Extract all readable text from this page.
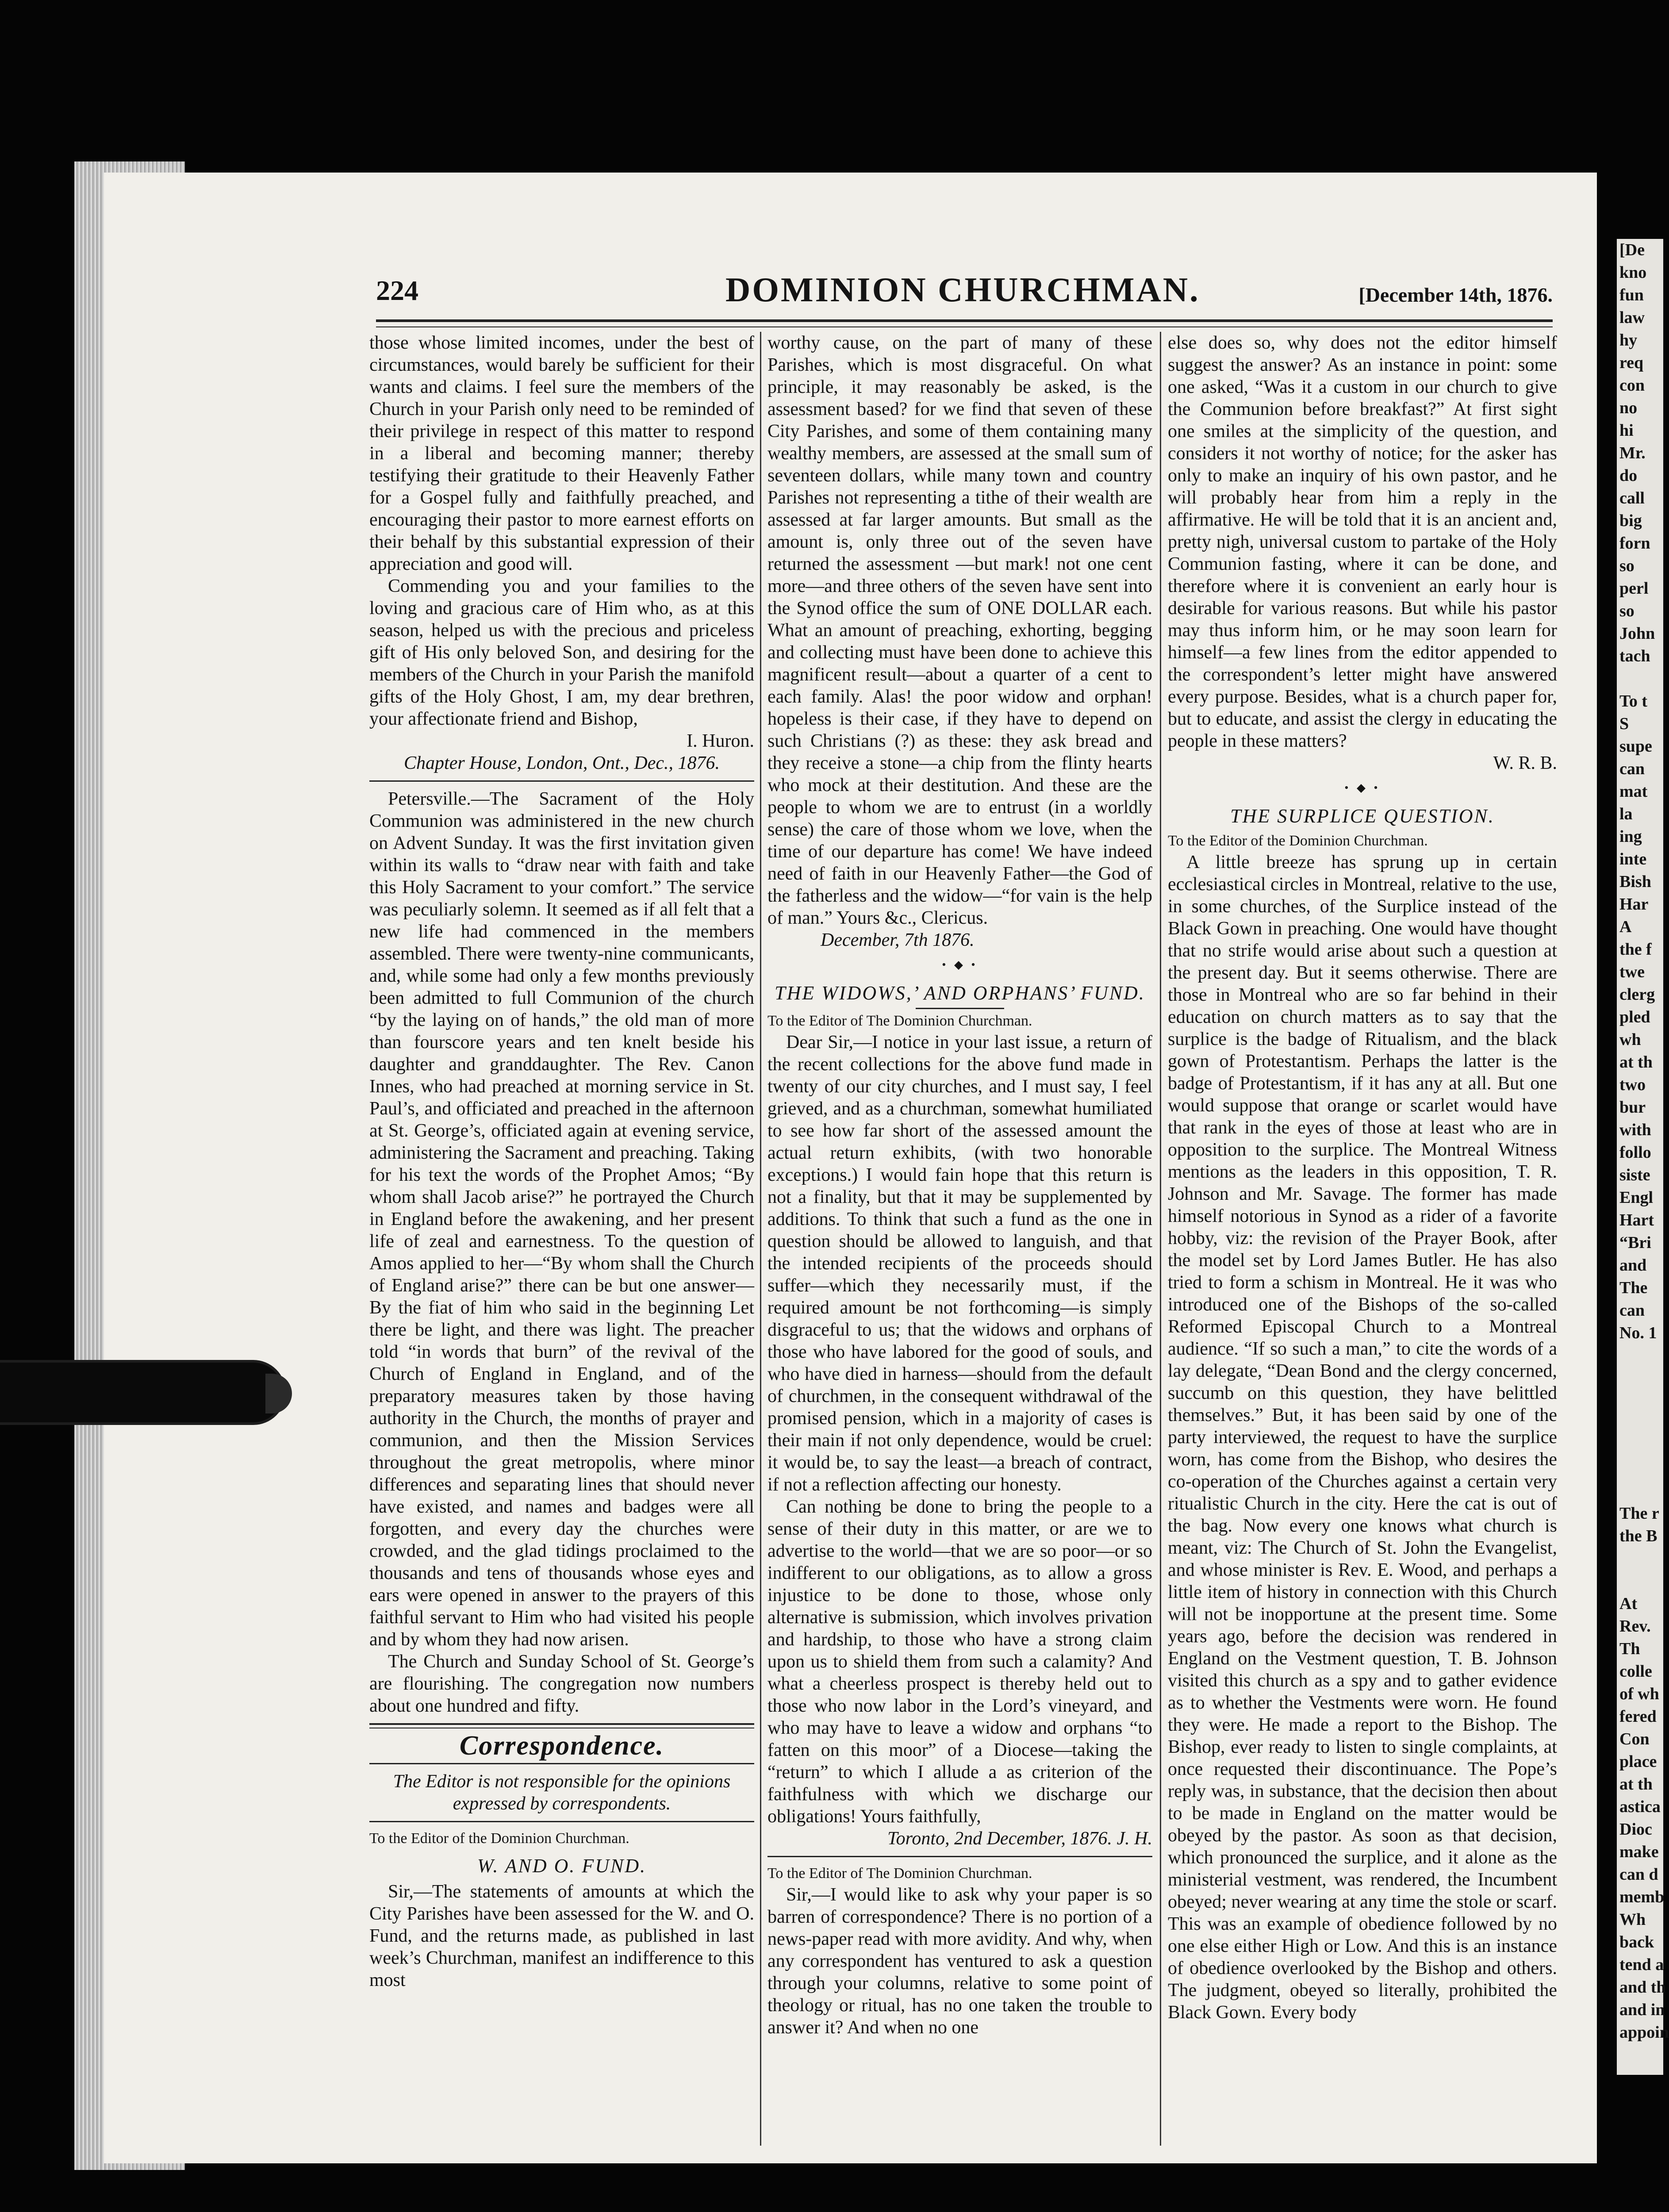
224	DOMINION CHURCHMAN.	[December 14th, 1876.

those whose limited incomes, under the best of circumstances, would barely be sufficient for their wants and claims. I feel sure the members of the Church in your Parish only need to be reminded of their privilege in respect of this matter to respond in a liberal and becoming manner; thereby testifying their gratitude to their Heavenly Father for a Gospel fully and faithfully preached, and encouraging their pastor to more earnest efforts on their behalf by this substantial expression of their appreciation and good will.

Commending you and your families to the loving and gracious care of Him who, as at this season, helped us with the precious and priceless gift of His only beloved Son, and desiring for the members of the Church in your Parish the manifold gifts of the Holy Ghost, I am, my dear brethren, your affectionate friend and Bishop,

I. Huron.

Chapter House, London, Ont., Dec., 1876.

Petersville.—The Sacrament of the Holy Communion was administered in the new church on Advent Sunday. It was the first invitation given within its walls to “draw near with faith and take this Holy Sacrament to your comfort.” The service was peculiarly solemn. It seemed as if all felt that a new life had commenced in the members assembled. There were twenty-nine communicants, and, while some had only a few months previously been admitted to full Communion of the church “by the laying on of hands,” the old man of more than fourscore years and ten knelt beside his daughter and granddaughter. The Rev. Canon Innes, who had preached at morning service in St. Paul’s, and officiated and preached in the afternoon at St. George’s, officiated again at evening service, administering the Sacrament and preaching. Taking for his text the words of the Prophet Amos; “By whom shall Jacob arise?” he portrayed the Church in England before the awakening, and her present life of zeal and earnestness. To the question of Amos applied to her—“By whom shall the Church of England arise?” there can be but one answer—By the fiat of him who said in the beginning Let there be light, and there was light. The preacher told “in words that burn” of the revival of the Church of England in England, and of the preparatory measures taken by those having authority in the Church, the months of prayer and communion, and then the Mission Services throughout the great metropolis, where minor differences and separating lines that should never have existed, and names and badges were all forgotten, and every day the churches were crowded, and the glad tidings proclaimed to the thousands and tens of thousands whose eyes and ears were opened in answer to the prayers of this faithful servant to Him who had visited his people and by whom they had now arisen.

The Church and Sunday School of St. George’s are flourishing. The congregation now numbers about one hundred and fifty.

Correspondence.

The Editor is not responsible for the opinions expressed by correspondents.

To the Editor of the Dominion Churchman.

W. AND O. FUND.

Sir,—The statements of amounts at which the City Parishes have been assessed for the W. and O. Fund, and the returns made, as published in last week’s Churchman, manifest an indifference to this most

worthy cause, on the part of many of these Parishes, which is most disgraceful. On what principle, it may reasonably be asked, is the assessment based? for we find that seven of these City Parishes, and some of them containing many wealthy members, are assessed at the small sum of seventeen dollars, while many town and country Parishes not representing a tithe of their wealth are assessed at far larger amounts. But small as the amount is, only three out of the seven have returned the assessment —but mark! not one cent more—and three others of the seven have sent into the Synod office the sum of ONE DOLLAR each. What an amount of preaching, exhorting, begging and collecting must have been done to achieve this magnificent result—about a quarter of a cent to each family. Alas! the poor widow and orphan! hopeless is their case, if they have to depend on such Christians (?) as these: they ask bread and they receive a stone—a chip from the flinty hearts who mock at their destitution. And these are the people to whom we are to entrust (in a worldly sense) the care of those whom we love, when the time of our departure has come! We have indeed need of faith in our Heavenly Father—the God of the fatherless and the widow—“for vain is the help of man.” Yours &c., Clericus.

December, 7th 1876.

• ◆ •

THE WIDOWS,’ AND ORPHANS’ FUND.

To the Editor of The Dominion Churchman.

Dear Sir,—I notice in your last issue, a return of the recent collections for the above fund made in twenty of our city churches, and I must say, I feel grieved, and as a churchman, somewhat humiliated to see how far short of the assessed amount the actual return exhibits, (with two honorable exceptions.) I would fain hope that this return is not a finality, but that it may be supplemented by additions. To think that such a fund as the one in question should be allowed to languish, and that the intended recipients of the proceeds should suffer—which they necessarily must, if the required amount be not forthcoming—is simply disgraceful to us; that the widows and orphans of those who have labored for the good of souls, and who have died in harness—should from the default of churchmen, in the consequent withdrawal of the promised pension, which in a majority of cases is their main if not only dependence, would be cruel: it would be, to say the least—a breach of contract, if not a reflection affecting our honesty.

Can nothing be done to bring the people to a sense of their duty in this matter, or are we to advertise to the world—that we are so poor—or so indifferent to our obligations, as to allow a gross injustice to be done to those, whose only alternative is submission, which involves privation and hardship, to those who have a strong claim upon us to shield them from such a calamity? And what a cheerless prospect is thereby held out to those who now labor in the Lord’s vineyard, and who may have to leave a widow and orphans “to fatten on this moor” of a Diocese—taking the “return” to which I allude a as criterion of the faithfulness with which we discharge our obligations! Yours faithfully,

Toronto, 2nd December, 1876. J. H.

To the Editor of The Dominion Churchman.

Sir,—I would like to ask why your paper is so barren of correspondence? There is no portion of a news-paper read with more avidity. And why, when any correspondent has ventured to ask a question through your columns, relative to some point of theology or ritual, has no one taken the trouble to answer it? And when no one

else does so, why does not the editor himself suggest the answer? As an instance in point: some one asked, “Was it a custom in our church to give the Communion before breakfast?” At first sight one smiles at the simplicity of the question, and considers it not worthy of notice; for the asker has only to make an inquiry of his own pastor, and he will probably hear from him a reply in the affirmative. He will be told that it is an ancient and, pretty nigh, universal custom to partake of the Holy Communion fasting, where it can be done, and therefore where it is convenient an early hour is desirable for various reasons. But while his pastor may thus inform him, or he may soon learn for himself—a few lines from the editor appended to the correspondent’s letter might have answered every purpose. Besides, what is a church paper for, but to educate, and assist the clergy in educating the people in these matters?

W. R. B.

• ◆ •

THE SURPLICE QUESTION.

To the Editor of the Dominion Churchman.

A little breeze has sprung up in certain ecclesiastical circles in Montreal, relative to the use, in some churches, of the Surplice instead of the Black Gown in preaching. One would have thought that no strife would arise about such a question at the present day. But it seems otherwise. There are those in Montreal who are so far behind in their education on church matters as to say that the surplice is the badge of Ritualism, and the black gown of Protestantism. Perhaps the latter is the badge of Protestantism, if it has any at all. But one would suppose that orange or scarlet would have that rank in the eyes of those at least who are in opposition to the surplice. The Montreal Witness mentions as the leaders in this opposition, T. R. Johnson and Mr. Savage. The former has made himself notorious in Synod as a rider of a favorite hobby, viz: the revision of the Prayer Book, after the model set by Lord James Butler. He has also tried to form a schism in Montreal. He it was who introduced one of the Bishops of the so-called Reformed Episcopal Church to a Montreal audience. “If so such a man,” to cite the words of a lay delegate, “Dean Bond and the clergy concerned, succumb on this question, they have belittled themselves.” But, it has been said by one of the party interviewed, the request to have the surplice worn, has come from the Bishop, who desires the co-operation of the Churches against a certain very ritualistic Church in the city. Here the cat is out of the bag. Now every one knows what church is meant, viz: The Church of St. John the Evangelist, and whose minister is Rev. E. Wood, and perhaps a little item of history in connection with this Church will not be inopportune at the present time. Some years ago, before the decision was rendered in England on the Vestment question, T. B. Johnson visited this church as a spy and to gather evidence as to whether the Vestments were worn. He found they were. He made a report to the Bishop. The Bishop, ever ready to listen to single complaints, at once requested their discontinuance. The Pope’s reply was, in substance, that the decision then about to be made in England on the matter would be obeyed by the pastor. As soon as that decision, which pronounced the surplice, and it alone as the ministerial vestment, was rendered, the Incumbent obeyed; never wearing at any time the stole or scarf. This was an example of obedience followed by no one else either High or Low. And this is an instance of obedience overlooked by the Bishop and others. The judgment, obeyed so literally, prohibited the Black Gown. Every body

[De
kno
fun
law
hy
req
con
no
hi
Mr.
do
call
big
forn
so
perl
so
John
tach

To t
S
supe
can
mat
la
ing
inte
Bish
Har
A
the f
twe
clerg
pled
wh
at th
two
bur
with
follo
siste
Engl
Hart
“Bri
and
The
can
No. 1

The r
the B

At
Rev.
Th
colle
of wh
fered
Con
place
at th
astica
Dioc
make
can d
memb
Wh
back
tend a
and th
and in
appoin
